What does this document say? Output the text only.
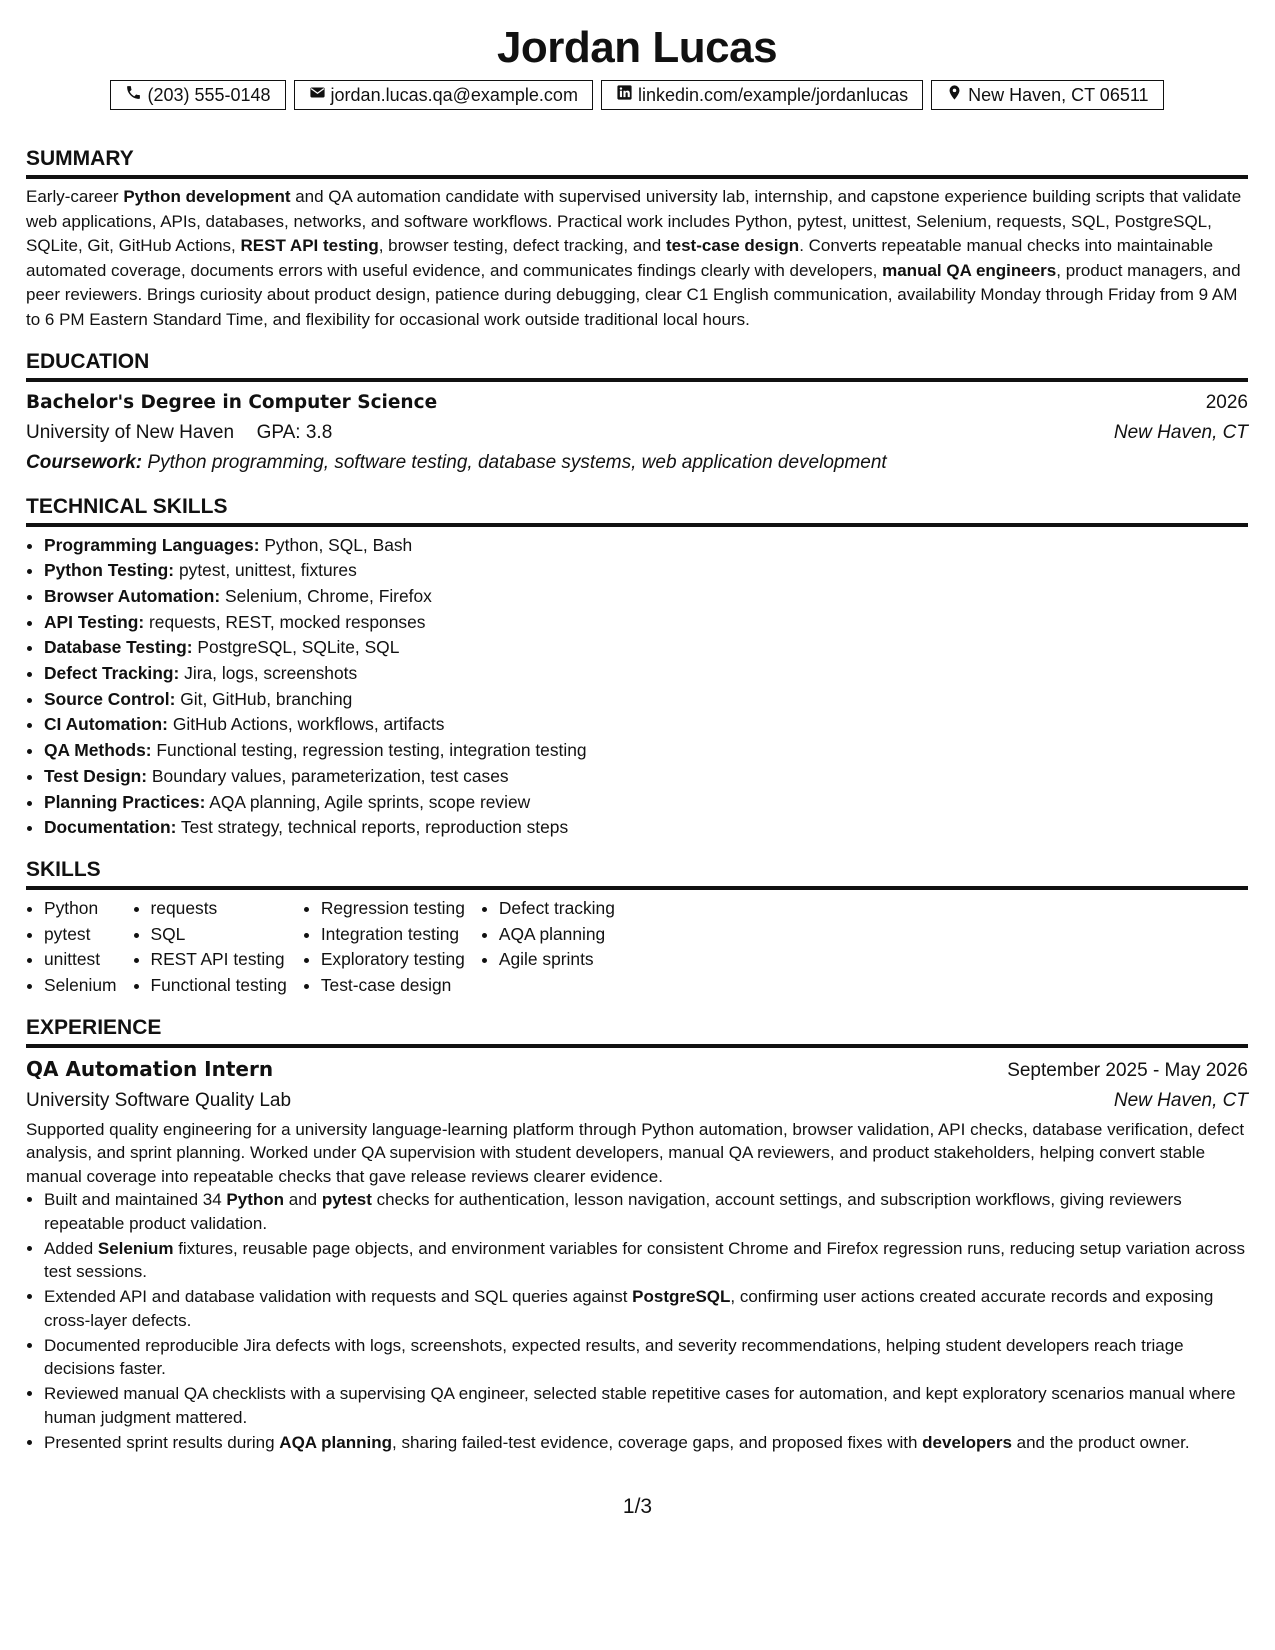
Jordan Lucas
(203) 555-0148	jordan.lucas.qa@example.com	linkedin.com/example/jordanlucas	New Haven, CT 06511
SUMMARY

Early-career Python development and QA automation candidate with supervised university lab, internship, and capstone experience building scripts that validate web applications, APIs, databases, networks, and software workflows. Practical work includes Python, pytest, unittest, Selenium, requests, SQL, PostgreSQL, SQLite, Git, GitHub Actions, REST API testing, browser testing, defect tracking, and test-case design. Converts repeatable manual checks into maintainable automated coverage, documents errors with useful evidence, and communicates findings clearly with developers, manual QA engineers, product managers, and peer reviewers. Brings curiosity about product design, patience during debugging, clear C1 English communication, availability Monday through Friday from 9 AM to 6 PM Eastern Standard Time, and flexibility for occasional work outside traditional local hours.

EDUCATION
Bachelor's Degree in Computer Science	2026
University of New Haven GPA: 3.8	New Haven, CT
Coursework: Python programming, software testing, database systems, web application development
TECHNICAL SKILLS
• Programming Languages: Python, SQL, Bash
• Python Testing: pytest, unittest, fixtures
• Browser Automation: Selenium, Chrome, Firefox
• API Testing: requests, REST, mocked responses
• Database Testing: PostgreSQL, SQLite, SQL
• Defect Tracking: Jira, logs, screenshots
• Source Control: Git, GitHub, branching
• CI Automation: GitHub Actions, workflows, artifacts
• QA Methods: Functional testing, regression testing, integration testing
• Test Design: Boundary values, parameterization, test cases
• Planning Practices: AQA planning, Agile sprints, scope review
• Documentation: Test strategy, technical reports, reproduction steps
SKILLS
• Python
• pytest
• unittest
• Selenium
• requests
• SQL
• REST API testing
• Functional testing
• Regression testing
• Integration testing
• Exploratory testing
• Test-case design
• Defect tracking
• AQA planning
• Agile sprints
EXPERIENCE
QA Automation Intern	September 2025 - May 2026
University Software Quality Lab	New Haven, CT

Supported quality engineering for a university language-learning platform through Python automation, browser validation, API checks, database verification, defect analysis, and sprint planning. Worked under QA supervision with student developers, manual QA reviewers, and product stakeholders, helping convert stable manual coverage into repeatable checks that gave release reviews clearer evidence.

• Built and maintained 34 Python and pytest checks for authentication, lesson navigation, account settings, and subscription workflows, giving reviewers repeatable product validation.
• Added Selenium fixtures, reusable page objects, and environment variables for consistent Chrome and Firefox regression runs, reducing setup variation across test sessions.
• Extended API and database validation with requests and SQL queries against PostgreSQL, confirming user actions created accurate records and exposing cross-layer defects.
• Documented reproducible Jira defects with logs, screenshots, expected results, and severity recommendations, helping student developers reach triage decisions faster.
• Reviewed manual QA checklists with a supervising QA engineer, selected stable repetitive cases for automation, and kept exploratory scenarios manual where human judgment mattered.
• Presented sprint results during AQA planning, sharing failed-test evidence, coverage gaps, and proposed fixes with developers and the product owner.
1/3
